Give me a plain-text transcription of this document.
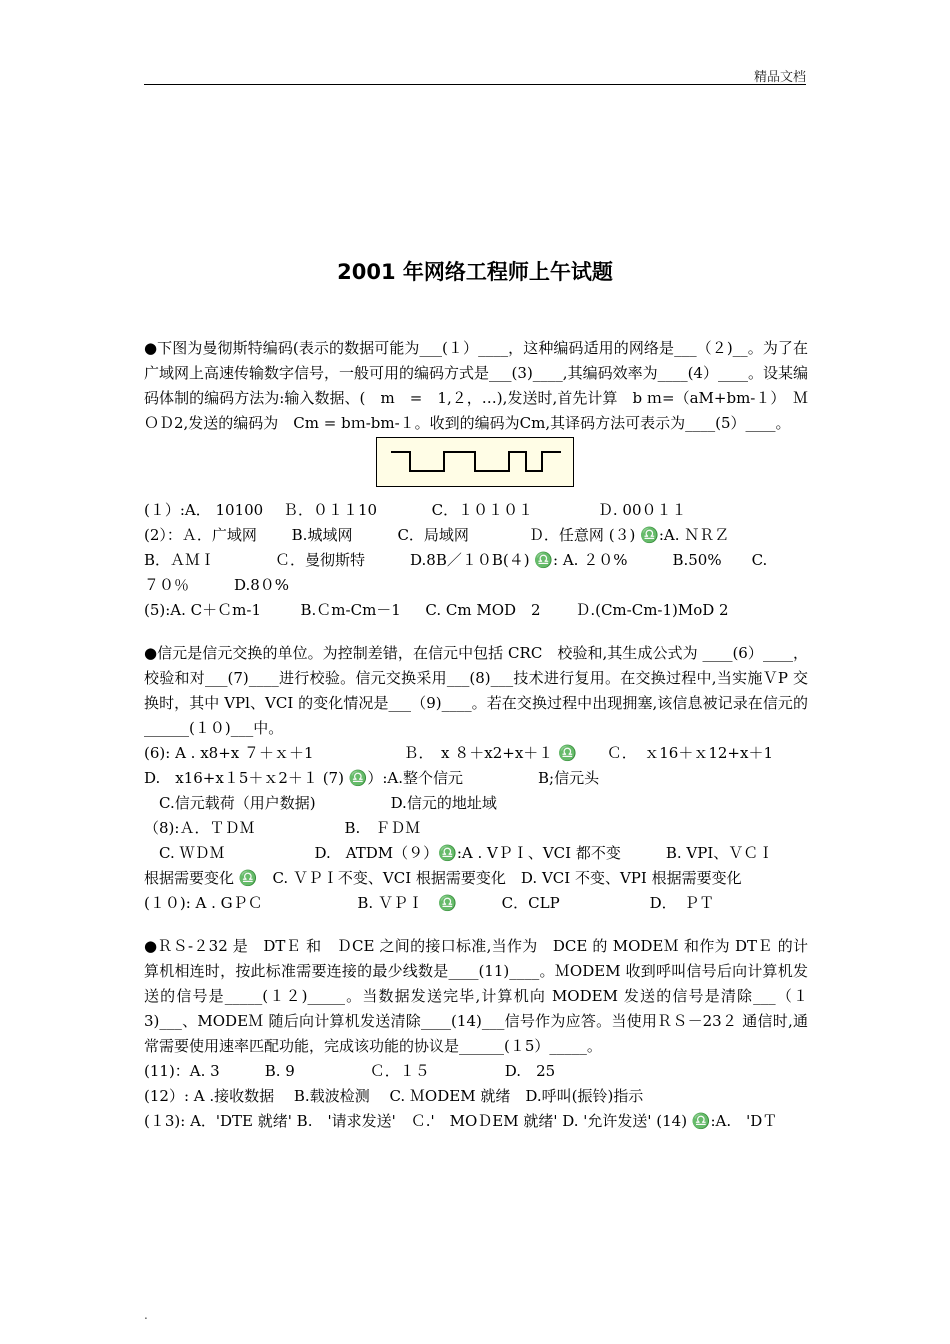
精品文档
2001 年网络工程师上午试题

●下图为曼彻斯特编码(表示的数据可能为___(１）____，这种编码适用的网络是___（２)__。为了在广域网上高速传输数字信号，一般可用的编码方式是___(3)____,其编码效率为____(4）____。设某编码体制的编码方法为:输入数据、(　m　=　1,２，…),发送时,首先计算　b ｍ=（aM+bm-１）　ＭＯＤ2,发送的编码为　Cm = bｍ-bm-１。收到的编码为Cm,其译码方法可表示为____(5）____。

(１）:A． 10100　 Ｂ．０１１10 　　　 C．１０１０１ 　　　　Ｄ. 00０１１

(2）：Ａ．广域网　　 B.城域网　　　C．局域网　　　　Ｄ．任意网 (３) ♎:A. ＮＲＺ

B．ＡＭＩ　　　　Ｃ．曼彻斯特　　　D.8B／１０B(４) ♎: A. ２０%　　　B.50%　　C.

７０％　　　D.8０%

(5):A. C＋Ｃm-1 　　 B.Ｃm-Cm－1 　 C. Cm MOD　2 　　Ｄ.(Cm-Cm-1)MoD 2

●信元是信元交换的单位。为控制差错，在信元中包括 CRC　校验和,其生成公式为 ____(6）____，校验和对___(7)____进行校验。信元交换采用___(8)___技术进行复用。在交换过程中,当实施ＶP 交换时，其中 VPl、VCI 的变化情况是___（9)____。若在交换过程中出现拥塞,该信息被记录在信元的______(１０)___中。

(6): A . x8+x ７＋ｘ＋1　　　　　　Ｂ．　x ８＋x2+x＋１ ♎　　Ｃ．　ｘ16＋ｘ12+x＋1

D.　x16+x１5＋ｘ2＋１ (7) ♎）:A.整个信元　　　　　B;信元头

　C.信元载荷（用户数据)　　　　　D.信元的地址域

（8):Ａ．ＴＤＭ　　　　　　B.　ＦＤＭ

　C. ＷＤＭ　　　　　　D.　ATDM（９）♎:A . VＰＩ、VCI 都不变　　　B. VPI、ＶＣＩ

根据需要变化 ♎　C. ＶＰＩ不变、VCI 根据需要变化　D. VCI 不变、VPI 根据需要变化

(１０): A . GＰＣ　　　　　　 B. ＶＰＩ　♎　　　C．CLP　　　　　　D．　ＰＴ

●ＲＳ-２32 是　DTＥ 和　ＤCE 之间的接口标准,当作为　DCE 的 MODEＭ 和作为 DTＥ 的计算机相连时，按此标准需要连接的最少线数是____(11)____。ＭODEM 收到呼叫信号后向计算机发送的信号是_____(１２)_____。当数据发送完毕,计算机向 MODEM 发送的信号是清除___（１3)___、MODEＭ 随后向计算机发送清除____(14)___信号作为应答。当使用ＲＳ－23２ 通信时,通常需要使用速率匹配功能，完成该功能的协议是______(１5）_____。

(11)：A. 3　　　B. 9　　　　　Ｃ．１５　　　　　D.　25

(12）: A .接收数据　 B.载波检测　 C. ＭODEM 就绪　D.呼叫(振铃)指示

(１3): A．'DTE 就绪' B.　'请求发送'　Ｃ.'　MOＤEM 就绪' D. '允许发送' (14) ♎:A.　'DＴ

.
